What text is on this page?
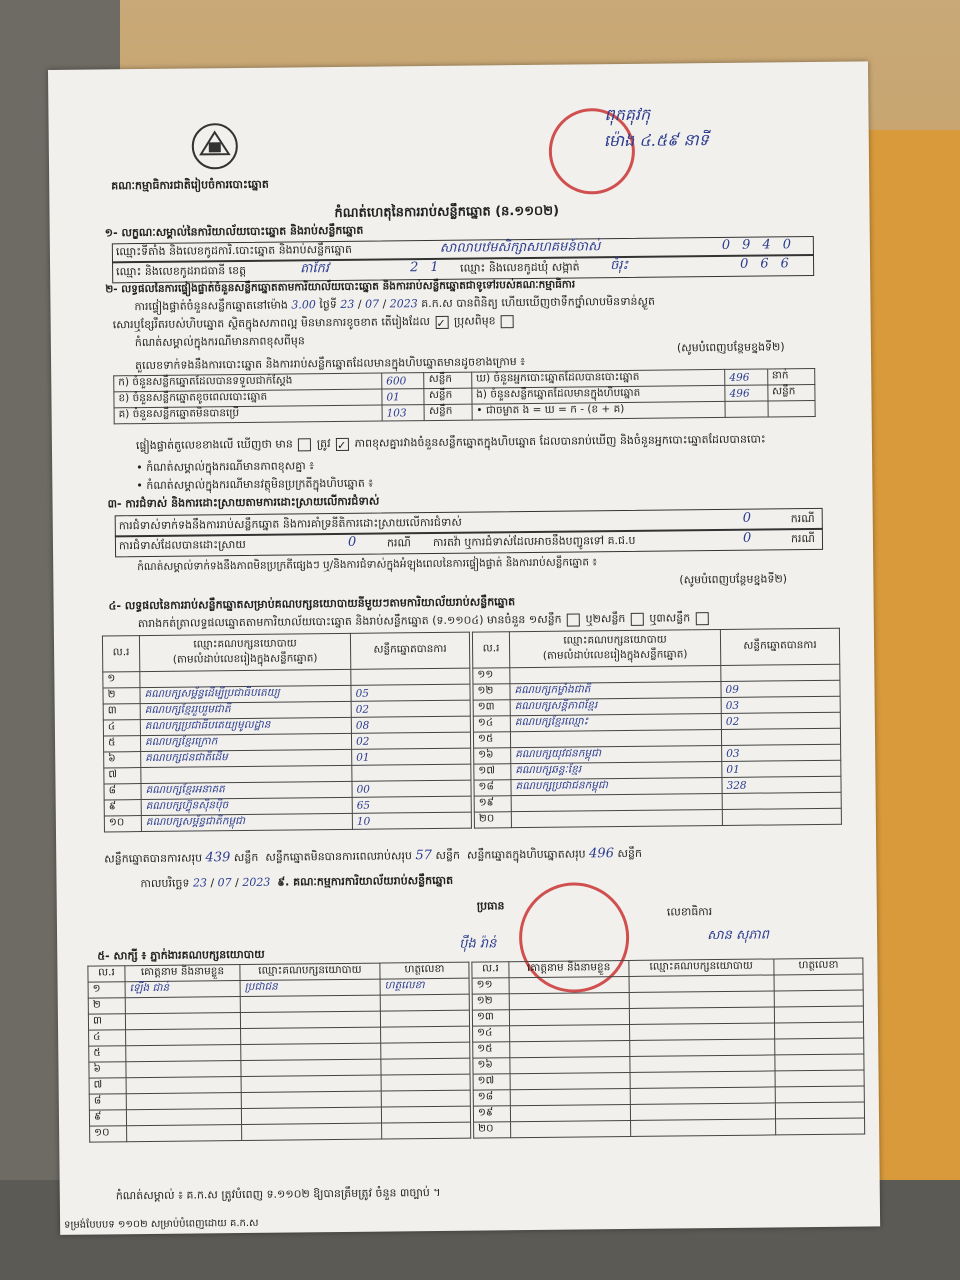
គណៈកម្មាធិការជាតិរៀបចំការបោះឆ្នោត
ពុកគុវកុ
ម៉ោង ៤.៥៩ នាទី
កំណត់ហេតុនៃការរាប់សន្លឹកឆ្នោត (ន.១១០២)
១- លក្ខណៈសម្គាល់នៃការិយាល័យបោះឆ្នោត និងរាប់សន្លឹកឆ្នោត
ឈ្មោះទីតាំង និងលេខកូដការិ.បោះឆ្នោត និងរាប់សន្លឹកឆ្នោត	សាលាបឋមសិក្សាសហគមន៍ចាស់	0940
ឈ្មោះ និងលេខកូដរាជធានី ខេត្ត	តាកែវ	21 ឈ្មោះ និងលេខកូដឃុំ សង្កាត់ ចំរុះ	066
២- លទ្ធផលនៃការផ្ទៀងផ្ទាត់ចំនួនសន្លឹកឆ្នោតតាមការិយាល័យបោះឆ្នោត និងការរាប់សន្លឹកឆ្នោតជាទូទៅរបស់គណៈកម្មាធិការ
ការផ្ទៀងផ្ទាត់ចំនួនសន្លឹកឆ្នោតនៅម៉ោង 3.00 ថ្ងៃទី 23 / 07 / 2023 គ.ក.ស បានពិនិត្យ ហើយឃើញថាទឹកថ្នាំលាបមិនទាន់ស្ងួត
សោរ​ឬខ្សែរឹតរបស់ហិបឆ្នោត ស្ថិតក្នុងសភាពល្អ មិនមានការខូចខាត តើរៀងដែល ✓ ប្រុសពិមុខ
កំណត់សម្គាល់ក្នុងករណីមានភាពខុសពីមុន	(សូមបំពេញបន្ថែមខ្នងទី២)
តួលេខទាក់ទងនឹងការបោះឆ្នោត និងការរាប់សន្លឹកឆ្នោតដែលមានក្នុងហិបឆ្នោតមានដូចខាងក្រោម ៖
ក) ចំនួនសន្លឹកឆ្នោតដែលបានទទួលជាក់ស្តែង	600	សន្លឹក	ឃ) ចំនួនអ្នកបោះឆ្នោតដែលបានបោះឆ្នោត	496	នាក់
ខ) ចំនួនសន្លឹកឆ្នោតខូចពេលបោះឆ្នោត	01	សន្លឹក	ង) ចំនួនសន្លឹកឆ្នោតដែលមានក្នុងហិបឆ្នោត	496	សន្លឹក
គ) ចំនួនសន្លឹកឆ្នោតមិនបានប្រើ	103	សន្លឹក	• ជាចម្លាត ង = ឃ = ក - (ខ + គ)		
ផ្ទៀងផ្ទាត់តួលេខខាងលើ ឃើញថា មាន ត្រូវ ✓ ភាពខុសគ្នារវាងចំនួនសន្លឹកឆ្នោតក្នុងហិបឆ្នោត ដែលបានរាប់ឃើញ និងចំនួនអ្នកបោះឆ្នោតដែលបានបោះ
• កំណត់សម្គាល់ក្នុងករណីមានភាពខុសគ្នា ៖
• កំណត់សម្គាល់ក្នុងករណីមានវត្ថុមិនប្រក្រតីក្នុងហិបឆ្នោត ៖
៣- ការជំទាស់ និងការដោះស្រាយតាមការដោះស្រាយលើការជំទាស់
ការជំទាស់ទាក់ទងនឹងការរាប់សន្លឹកឆ្នោត និងការគាំទ្រនីតិការដោះស្រាយលើការជំទាស់	0	ករណី
ការជំទាស់ដែលបានដោះស្រាយ	0	ករណី ការតវ៉ា ឬការជំទាស់ដែលអាចនឹងបញ្ជូនទៅ គ.ជ.ប	0	ករណី
កំណត់សម្គាល់ទាក់ទងនឹងភាពមិនប្រក្រតីផ្សេងៗ ឬ/និងការជំទាស់ក្នុងអំឡុងពេលនៃការផ្ទៀងផ្ទាត់ និងការរាប់សន្លឹកឆ្នោត ៖
(សូមបំពេញបន្ថែមខ្នងទី២)
៤- លទ្ធផលនៃការរាប់សន្លឹកឆ្នោតសម្រាប់គណបក្សនយោបាយនីមួយៗតាមការិយាល័យរាប់សន្លឹកឆ្នោត
តារាងកត់ត្រាលទ្ធផលឆ្នោតតាមការិយាល័យបោះឆ្នោត និងរាប់សន្លឹកឆ្នោត (ទ.១១០៤) មានចំនួន ១សន្លឹក ឬ២សន្លឹក ឬ៣សន្លឹក
ល.រ	ឈ្មោះគណបក្សនយោបាយ
(តាមលំដាប់លេខរៀងក្នុងសន្លឹកឆ្នោត)	សន្លឹកឆ្នោតបានការ
១		
២	គណបក្សសម្ព័ន្ធដើម្បីប្រជាធិបតេយ្យ	05
៣	គណបក្សខ្មែររួបរួមជាតិ	02
៤	គណបក្សប្រជាធិបតេយ្យមូលដ្ឋាន	08
៥	គណបក្សខ្មែរក្រោក	02
៦	គណបក្សជនជាតិដើម	01
៧		
៨	គណបក្សខ្មែរអនាគត	00
៩	គណបក្សហ៊្វុនស៊ិនប៉ិច	65
១០	គណបក្សសម្ព័ន្ធជាតិកម្ពុជា	10
ល.រ	ឈ្មោះគណបក្សនយោបាយ
(តាមលំដាប់លេខរៀងក្នុងសន្លឹកឆ្នោត)	សន្លឹកឆ្នោតបានការ
១១		
១២	គណបក្សកម្លាំងជាតិ	09
១៣	គណបក្សសន្តិភាពខ្មែរ	03
១៤	គណបក្សខ្មែរឈ្មោះ	02
១៥		
១៦	គណបក្សយុវជនកម្ពុជា	03
១៧	គណបក្សឆន្ទៈខ្មែរ	01
១៨	គណបក្សប្រជាជនកម្ពុជា	328
១៩		
២០		
សន្លឹកឆ្នោតបានការសរុប 439 សន្លឹក សន្លឹកឆ្នោតមិនបានការពេលរាប់សរុប 57 សន្លឹក សន្លឹកឆ្នោតក្នុងហិបឆ្នោតសរុប 496 សន្លឹក
កាលបរិច្ឆេទ 23 / 07 / 2023 ៩. គណៈកម្មការការិយាល័យរាប់សន្លឹកឆ្នោត
ប្រធាន
ប៉ឹង រ៉ាន់
លេខាធិការ
សាន សុភាព
៥- សាក្សី ៖ ភ្នាក់ងារគណបក្សនយោបាយ
ល.រ	គោត្តនាម និងនាមខ្លួន	ឈ្មោះគណបក្សនយោបាយ	ហត្ថលេខា
១	ឡើង ជាន់	ប្រជាជន	ហត្ថលេខា
២			
៣			
៤			
៥			
៦			
៧			
៨			
៩			
១០			
ល.រ	គោត្តនាម និងនាមខ្លួន	ឈ្មោះគណបក្សនយោបាយ	ហត្ថលេខា
១១			
១២			
១៣			
១៤			
១៥			
១៦			
១៧			
១៨			
១៩			
២០			
កំណត់សម្គាល់ ៖ គ.ក.ស ត្រូវបំពេញ ទ.១១០២ ឱ្យបានត្រឹមត្រូវ ចំនួន ៣ច្បាប់ ។
ទម្រង់បែបបទ ១១០២ សម្រាប់បំពេញដោយ គ.ក.ស
